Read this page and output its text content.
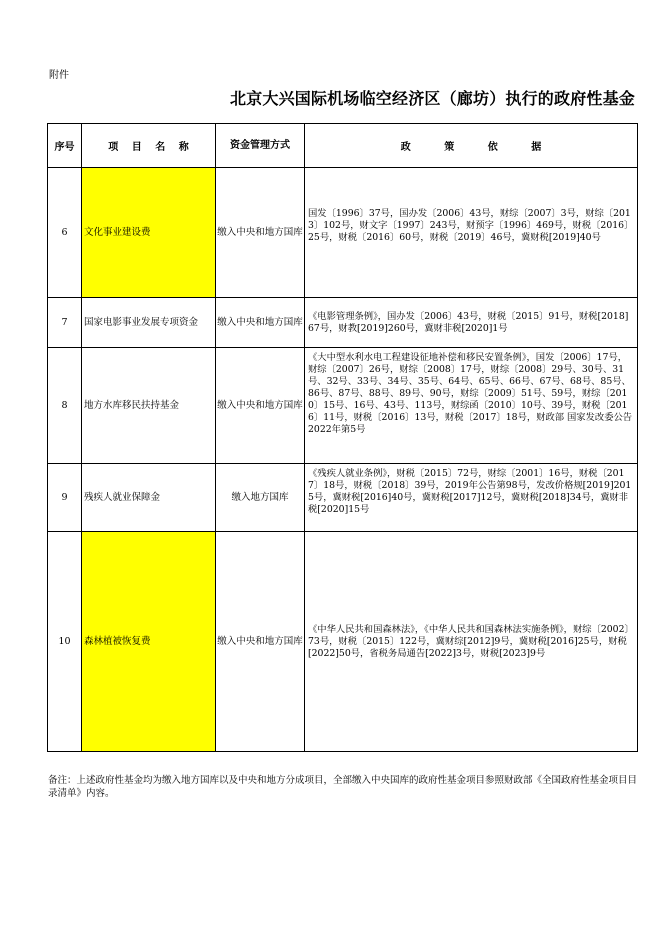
附件
北京大兴国际机场临空经济区（廊坊）执行的政府性基金
序号	项 目 名 称	资金管理方式	政 策 依 据
6	文化事业建设费	缴入中央和地方国库	国发〔1996〕37号，国办发〔2006〕43号，财综〔2007〕3号，财综〔2013〕102号，财文字〔1997〕243号，财预字〔1996〕469号，财税〔2016〕25号，财税〔2016〕60号，财税〔2019〕46号，冀财税[2019]40号
7	国家电影事业发展专项资金	缴入中央和地方国库	《电影管理条例》，国办发〔2006〕43号，财税〔2015〕91号，财税[2018]67号，财教[2019]260号，冀财非税[2020]1号
8	地方水库移民扶持基金	缴入中央和地方国库	《大中型水利水电工程建设征地补偿和移民安置条例》，国发〔2006〕17号，财综〔2007〕26号，财综〔2008〕17号，财综〔2008〕29号、30号、31号、32号、33号、34号、35号、64号、65号、66号、67号、68号、85号、86号、87号、88号、89号、90号，财综〔2009〕51号、59号，财综〔2010〕15号、16号、43号、113号，财综函〔2010〕10号、39号，财税〔2016〕11号，财税〔2016〕13号，财税〔2017〕18号，财政部 国家发改委公告2022年第5号
9	残疾人就业保障金	缴入地方国库	《残疾人就业条例》，财税〔2015〕72号，财综〔2001〕16号，财税〔2017〕18号，财税〔2018〕39号，2019年公告第98号，发改价格规[2019]2015号，冀财税[2016]40号，冀财税[2017]12号，冀财税[2018]34号，冀财非税[2020]15号
10	森林植被恢复费	缴入中央和地方国库	《中华人民共和国森林法》，《中华人民共和国森林法实施条例》，财综〔2002〕73号，财税〔2015〕122号，冀财综[2012]9号，冀财税[2016]25号，财税[2022]50号，省税务局通告[2022]3号，财税[2023]9号
备注：上述政府性基金均为缴入地方国库以及中央和地方分成项目，全部缴入中央国库的政府性基金项目参照财政部《全国政府性基金项目目录清单》内容。
